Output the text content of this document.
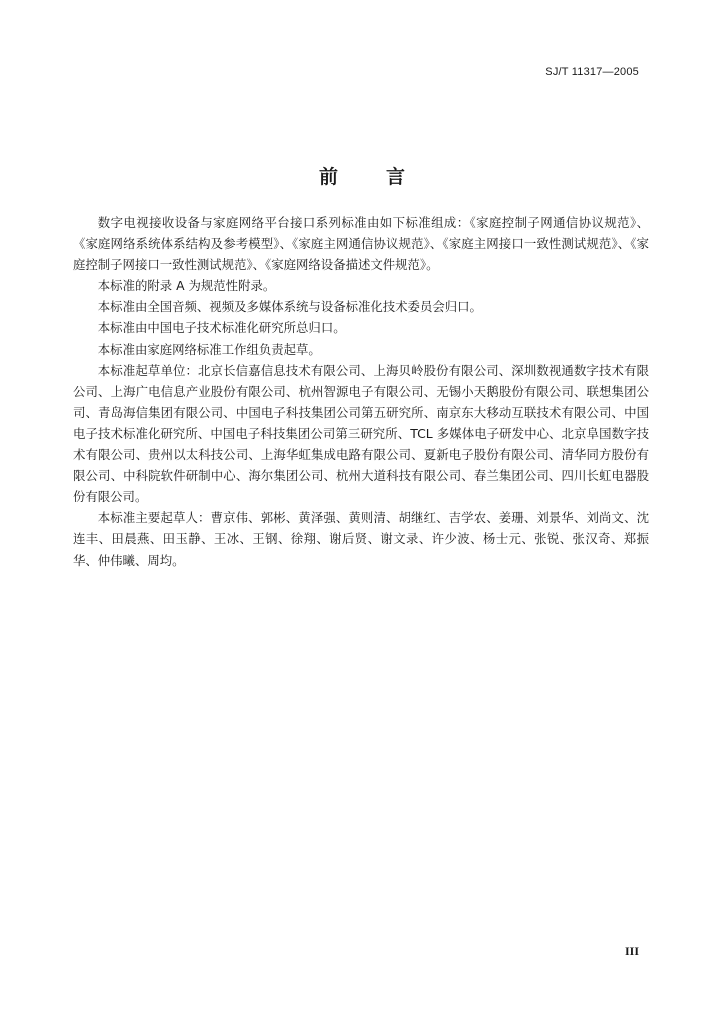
SJ/T 11317—2005
前	言

数字电视接收设备与家庭网络平台接口系列标准由如下标准组成：《家庭控制子网通信协议规范》、《家庭网络系统体系结构及参考模型》、《家庭主网通信协议规范》、《家庭主网接口一致性测试规范》、《家庭控制子网接口一致性测试规范》、《家庭网络设备描述文件规范》。

本标准的附录 A 为规范性附录。

本标准由全国音频、视频及多媒体系统与设备标准化技术委员会归口。

本标准由中国电子技术标准化研究所总归口。

本标准由家庭网络标准工作组负责起草。

本标准起草单位：北京长信嘉信息技术有限公司、上海贝岭股份有限公司、深圳数视通数字技术有限公司、上海广电信息产业股份有限公司、杭州智源电子有限公司、无锡小天鹅股份有限公司、联想集团公司、青岛海信集团有限公司、中国电子科技集团公司第五研究所、南京东大移动互联技术有限公司、中国电子技术标准化研究所、中国电子科技集团公司第三研究所、TCL 多媒体电子研发中心、北京阜国数字技术有限公司、贵州以太科技公司、上海华虹集成电路有限公司、夏新电子股份有限公司、清华同方股份有限公司、中科院软件研制中心、海尔集团公司、杭州大道科技有限公司、春兰集团公司、四川长虹电器股份有限公司。

本标准主要起草人：曹京伟、郭彬、黄泽强、黄则清、胡继红、吉学农、姜珊、刘景华、刘尚文、沈连丰、田晨燕、田玉静、王冰、王钢、徐翔、谢后贤、谢文录、许少波、杨士元、张锐、张汉奇、郑振华、仲伟曦、周均。

III
